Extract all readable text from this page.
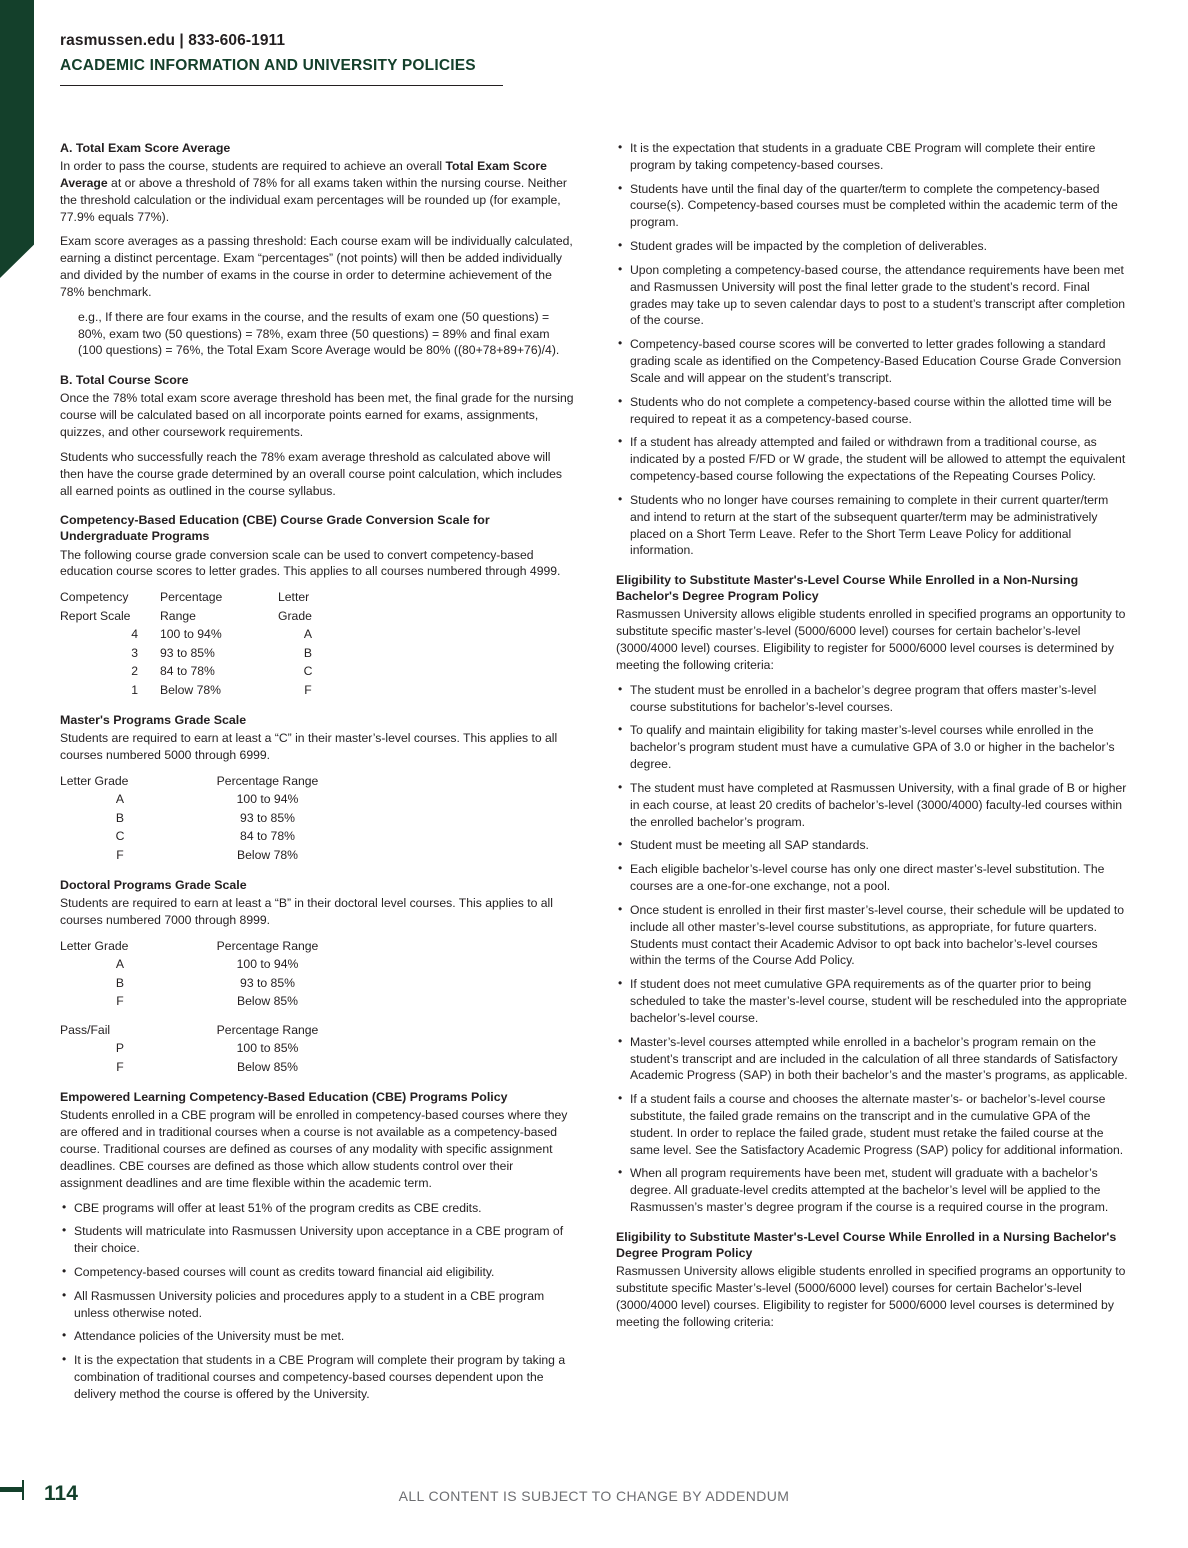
rasmussen.edu | 833-606-1911
ACADEMIC INFORMATION AND UNIVERSITY POLICIES
A. Total Exam Score Average

In order to pass the course, students are required to achieve an overall Total Exam Score Average at or above a threshold of 78% for all exams taken within the nursing course. Neither the threshold calculation or the individual exam percentages will be rounded up (for example, 77.9% equals 77%).

Exam score averages as a passing threshold: Each course exam will be individually calculated, earning a distinct percentage. Exam “percentages” (not points) will then be added individually and divided by the number of exams in the course in order to determine achievement of the 78% benchmark.

e.g., If there are four exams in the course, and the results of exam one (50 questions) = 80%, exam two (50 questions) = 78%, exam three (50 questions) = 89% and final exam (100 questions) = 76%, the Total Exam Score Average would be 80% ((80+78+89+76)/4).
B. Total Course Score

Once the 78% total exam score average threshold has been met, the final grade for the nursing course will be calculated based on all incorporate points earned for exams, assignments, quizzes, and other coursework requirements.

Students who successfully reach the 78% exam average threshold as calculated above will then have the course grade determined by an overall course point calculation, which includes all earned points as outlined in the course syllabus.

Competency-Based Education (CBE) Course Grade Conversion Scale for Undergraduate Programs

The following course grade conversion scale can be used to convert competency-based education course scores to letter grades. This applies to all courses numbered through 4999.

Competency	Percentage	Letter
Report Scale	Range	Grade
4	100 to 94%	A
3	93 to 85%	B
2	84 to 78%	C
1	Below 78%	F
Master's Programs Grade Scale

Students are required to earn at least a “C” in their master’s-level courses. This applies to all courses numbered 5000 through 6999.

Letter Grade	Percentage Range
A	100 to 94%
B	93 to 85%
C	84 to 78%
F	Below 78%
Doctoral Programs Grade Scale

Students are required to earn at least a “B” in their doctoral level courses. This applies to all courses numbered 7000 through 8999.

Letter Grade	Percentage Range
A	100 to 94%
B	93 to 85%
F	Below 85%
Pass/Fail	Percentage Range
P	100 to 85%
F	Below 85%
Empowered Learning Competency-Based Education (CBE) Programs Policy

Students enrolled in a CBE program will be enrolled in competency-based courses where they are offered and in traditional courses when a course is not available as a competency-based course. Traditional courses are defined as courses of any modality with specific assignment deadlines. CBE courses are defined as those which allow students control over their assignment deadlines and are time flexible within the academic term.

• CBE programs will offer at least 51% of the program credits as CBE credits.
• Students will matriculate into Rasmussen University upon acceptance in a CBE program of their choice.
• Competency-based courses will count as credits toward financial aid eligibility.
• All Rasmussen University policies and procedures apply to a student in a CBE program unless otherwise noted.
• Attendance policies of the University must be met.
• It is the expectation that students in a CBE Program will complete their program by taking a combination of traditional courses and competency-based courses dependent upon the delivery method the course is offered by the University.
• It is the expectation that students in a graduate CBE Program will complete their entire program by taking competency-based courses.
• Students have until the final day of the quarter/term to complete the competency-based course(s). Competency-based courses must be completed within the academic term of the program.
• Student grades will be impacted by the completion of deliverables.
• Upon completing a competency-based course, the attendance requirements have been met and Rasmussen University will post the final letter grade to the student’s record. Final grades may take up to seven calendar days to post to a student’s transcript after completion of the course.
• Competency-based course scores will be converted to letter grades following a standard grading scale as identified on the Competency-Based Education Course Grade Conversion Scale and will appear on the student’s transcript.
• Students who do not complete a competency-based course within the allotted time will be required to repeat it as a competency-based course.
• If a student has already attempted and failed or withdrawn from a traditional course, as indicated by a posted F/FD or W grade, the student will be allowed to attempt the equivalent competency-based course following the expectations of the Repeating Courses Policy.
• Students who no longer have courses remaining to complete in their current quarter/term and intend to return at the start of the subsequent quarter/term may be administratively placed on a Short Term Leave. Refer to the Short Term Leave Policy for additional information.
Eligibility to Substitute Master's-Level Course While Enrolled in a Non-Nursing Bachelor's Degree Program Policy

Rasmussen University allows eligible students enrolled in specified programs an opportunity to substitute specific master’s-level (5000/6000 level) courses for certain bachelor’s-level (3000/4000 level) courses. Eligibility to register for 5000/6000 level courses is determined by meeting the following criteria:

• The student must be enrolled in a bachelor’s degree program that offers master’s-level course substitutions for bachelor’s-level courses.
• To qualify and maintain eligibility for taking master’s-level courses while enrolled in the bachelor’s program student must have a cumulative GPA of 3.0 or higher in the bachelor’s degree.
• The student must have completed at Rasmussen University, with a final grade of B or higher in each course, at least 20 credits of bachelor’s-level (3000/4000) faculty-led courses within the enrolled bachelor’s program.
• Student must be meeting all SAP standards.
• Each eligible bachelor’s-level course has only one direct master’s-level substitution. The courses are a one-for-one exchange, not a pool.
• Once student is enrolled in their first master’s-level course, their schedule will be updated to include all other master’s-level course substitutions, as appropriate, for future quarters. Students must contact their Academic Advisor to opt back into bachelor’s-level courses within the terms of the Course Add Policy.
• If student does not meet cumulative GPA requirements as of the quarter prior to being scheduled to take the master’s-level course, student will be rescheduled into the appropriate bachelor’s-level course.
• Master’s-level courses attempted while enrolled in a bachelor’s program remain on the student’s transcript and are included in the calculation of all three standards of Satisfactory Academic Progress (SAP) in both their bachelor’s and the master’s programs, as applicable.
• If a student fails a course and chooses the alternate master’s- or bachelor’s-level course substitute, the failed grade remains on the transcript and in the cumulative GPA of the student. In order to replace the failed grade, student must retake the failed course at the same level. See the Satisfactory Academic Progress (SAP) policy for additional information.
• When all program requirements have been met, student will graduate with a bachelor’s degree. All graduate-level credits attempted at the bachelor’s level will be applied to the Rasmussen’s master’s degree program if the course is a required course in the program.
Eligibility to Substitute Master's-Level Course While Enrolled in a Nursing Bachelor's Degree Program Policy

Rasmussen University allows eligible students enrolled in specified programs an opportunity to substitute specific Master’s-level (5000/6000 level) courses for certain Bachelor’s-level (3000/4000 level) courses. Eligibility to register for 5000/6000 level courses is determined by meeting the following criteria:

114	ALL CONTENT IS SUBJECT TO CHANGE BY ADDENDUM
